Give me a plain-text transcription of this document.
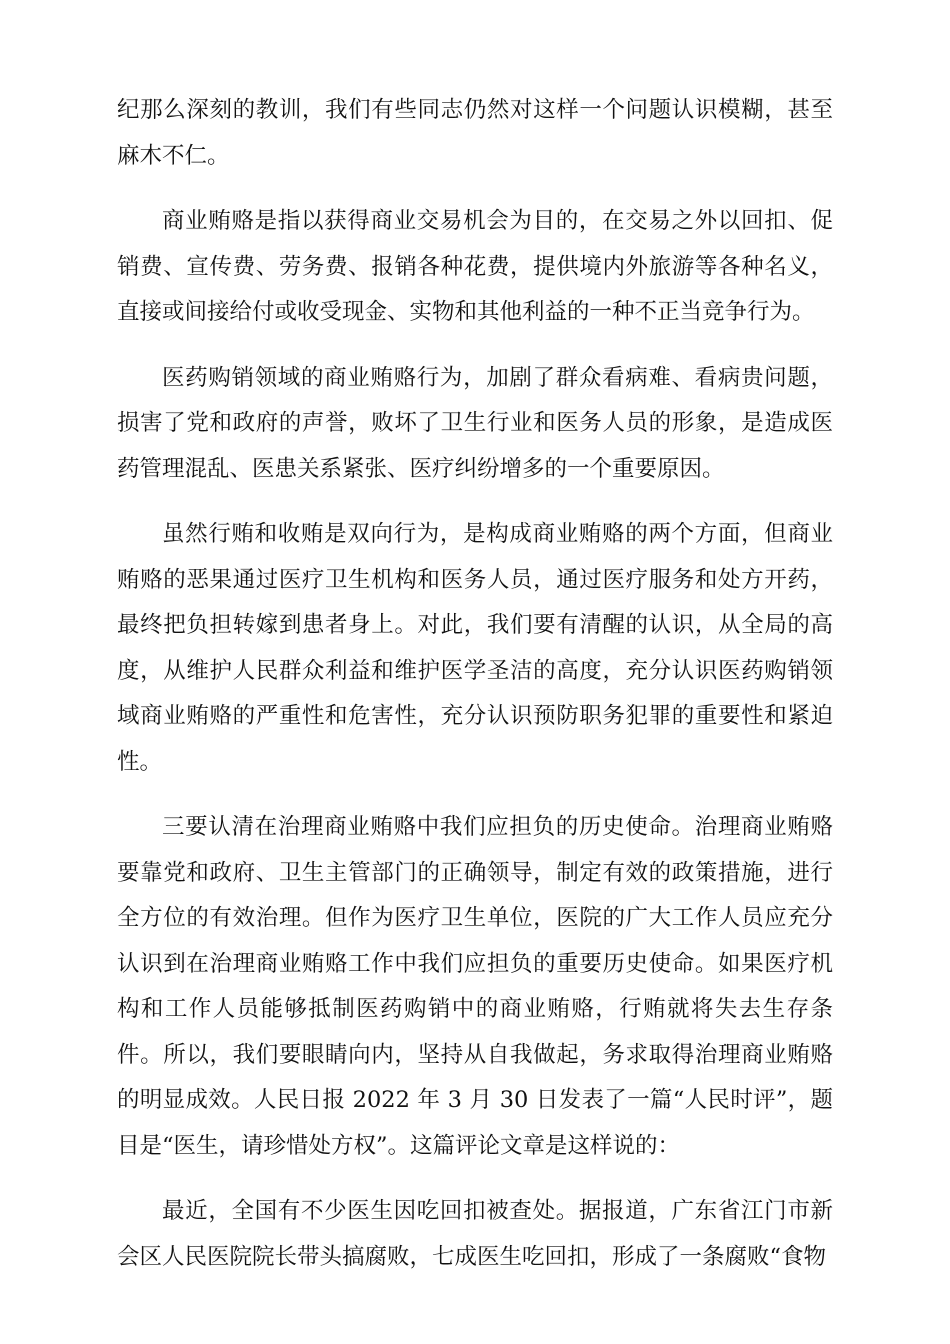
纪那么深刻的教训，我们有些同志仍然对这样一个问题认识模糊，甚至麻木不仁。

商业贿赂是指以获得商业交易机会为目的，在交易之外以回扣、促销费、宣传费、劳务费、报销各种花费，提供境内外旅游等各种名义，直接或间接给付或收受现金、实物和其他利益的一种不正当竞争行为。

医药购销领域的商业贿赂行为，加剧了群众看病难、看病贵问题，损害了党和政府的声誉，败坏了卫生行业和医务人员的形象，是造成医药管理混乱、医患关系紧张、医疗纠纷增多的一个重要原因。

虽然行贿和收贿是双向行为，是构成商业贿赂的两个方面，但商业贿赂的恶果通过医疗卫生机构和医务人员，通过医疗服务和处方开药，最终把负担转嫁到患者身上。对此，我们要有清醒的认识，从全局的高度，从维护人民群众利益和维护医学圣洁的高度，充分认识医药购销领域商业贿赂的严重性和危害性，充分认识预防职务犯罪的重要性和紧迫性。

三要认清在治理商业贿赂中我们应担负的历史使命。治理商业贿赂要靠党和政府、卫生主管部门的正确领导，制定有效的政策措施，进行全方位的有效治理。但作为医疗卫生单位，医院的广大工作人员应充分认识到在治理商业贿赂工作中我们应担负的重要历史使命。如果医疗机构和工作人员能够抵制医药购销中的商业贿赂，行贿就将失去生存条件。所以，我们要眼睛向内，坚持从自我做起，务求取得治理商业贿赂的明显成效。人民日报 2022 年 3 月 30 日发表了一篇“人民时评”，题目是“医生，请珍惜处方权”。这篇评论文章是这样说的：

最近，全国有不少医生因吃回扣被查处。据报道，广东省江门市新会区人民医院院长带头搞腐败，七成医生吃回扣，形成了一条腐败“食物
